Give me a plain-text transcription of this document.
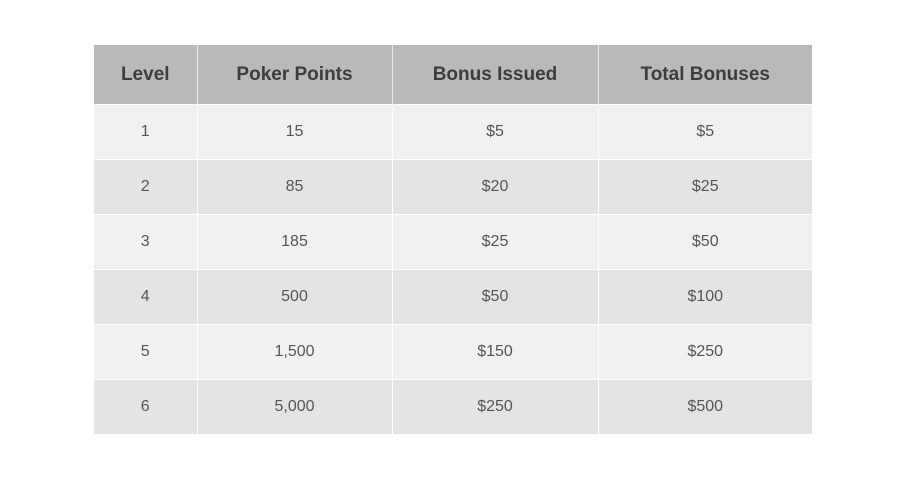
Level	Poker Points	Bonus Issued	Total Bonuses
1	15	$5	$5
2	85	$20	$25
3	185	$25	$50
4	500	$50	$100
5	1,500	$150	$250
6	5,000	$250	$500
